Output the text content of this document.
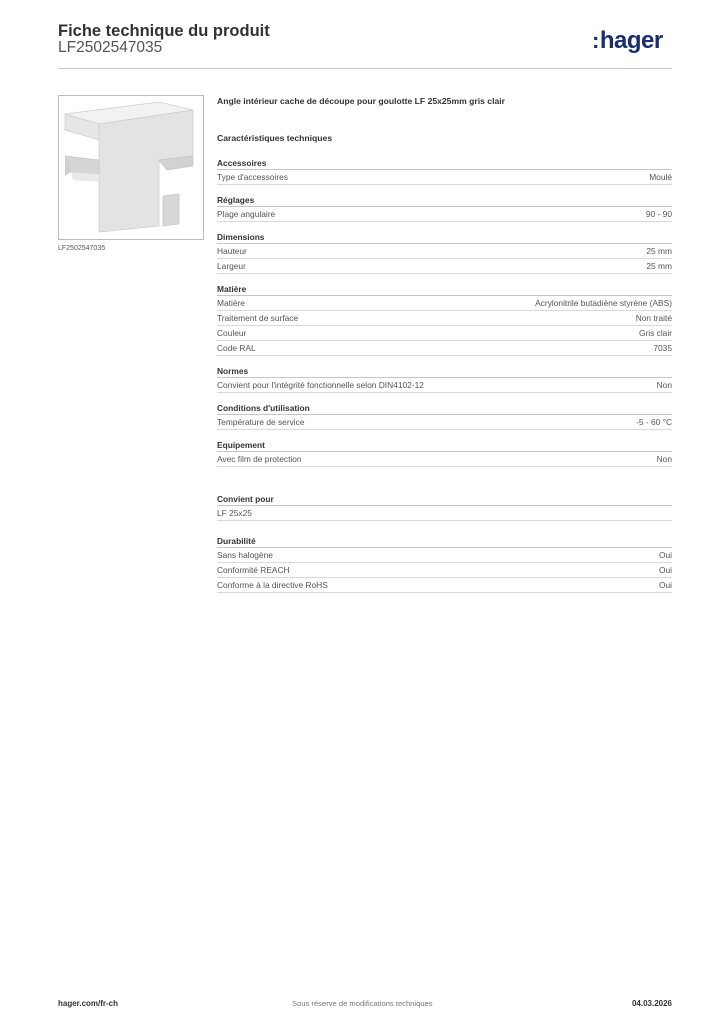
Fiche technique du produit
LF2502547035	:hager
LF2502547035
Angle intérieur cache de découpe pour goulotte LF 25x25mm gris clair
Caractéristiques techniques
Accessoires
Type d'accessoires	Moulé
Réglages
Plage angulaire	90 - 90
Dimensions
Hauteur	25 mm
Largeur	25 mm
Matière
Matière	Acrylonitrile butadiène styrène (ABS)
Traitement de surface	Non traité
Couleur	Gris clair
Code RAL	7035
Normes
Convient pour l'intégrité fonctionnelle selon DIN4102-12	Non
Conditions d'utilisation
Température de service	-5 - 60 °C
Equipement
Avec film de protection	Non
Convient pour
LF 25x25
Durabilité
Sans halogène	Oui
Conformité REACH	Oui
Conforme à la directive RoHS	Oui
hager.com/fr-ch	Sous réserve de modifications techniques	04.03.2026
